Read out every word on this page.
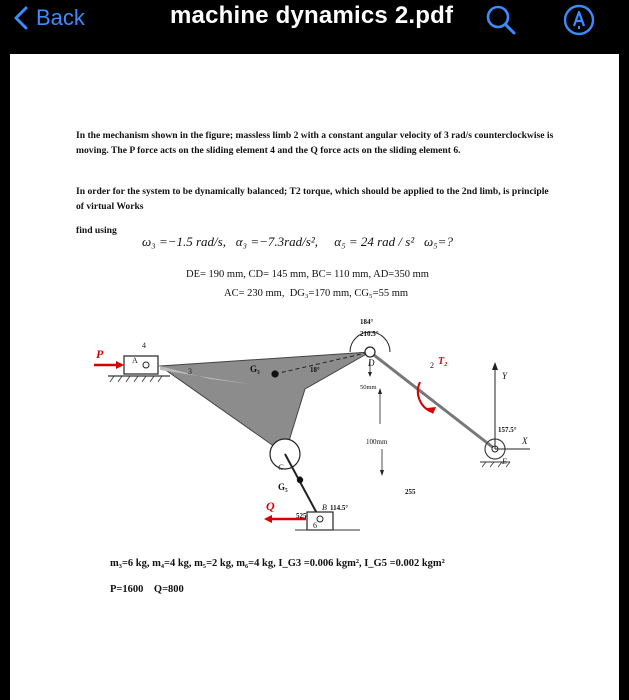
Back	machine dynamics 2.pdf
In the mechanism shown in the figure; massless limb 2 with a constant angular velocity of 3 rad/s counterclockwise is moving. The P force acts on the sliding element 4 and the Q force acts on the sliding element 6.
In order for the system to be dynamically balanced; T2 torque, which should be applied to the 2nd limb, is principle of virtual Works
find using
ω₃ =−1.5 rad/s,   α₃ =−7.3rad/s²,     α₅ = 24 rad / s²   ω₅=?
DE= 190 mm, CD= 145 mm, BC= 110 mm, AD=350 mm
AC= 230 mm,  DG₃=170 mm, CG₅=55 mm
P	A
4
3	G₃	18°
184°
210.5°
D	2 T₂
Y
157.5°
X
E
C
5
G₅
B 114.5°
6
Q
50mm
100mm
255
525
m₃=6 kg, m₄=4 kg, m₅=2 kg, m₆=4 kg, I_G3 =0.006 kgm², I_G5 =0.002 kgm²
P=1600    Q=800
